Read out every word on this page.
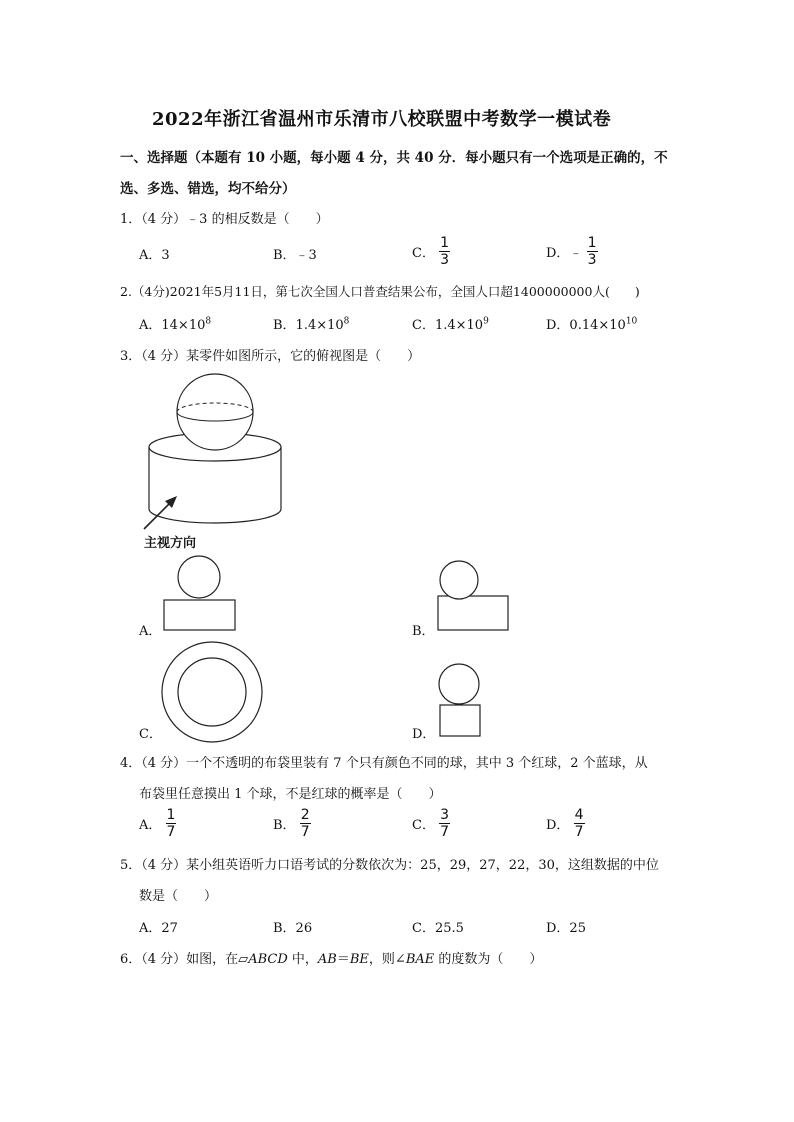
2022年浙江省温州市乐清市八校联盟中考数学一模试卷
一、选择题（本题有 10 小题，每小题 4 分，共 40 分．每小题只有一个选项是正确的，不
选、多选、错选，均不给分）
1．（4 分）﹣3 的相反数是（　　）
A．3	B．﹣3	C． $\frac{1}{3}$	D．﹣ $\frac{1}{3}$
2.（4分)2021年5月11日，第七次全国人口普查结果公布，全国人口超1400000000人(　　)
A．$14\times 10^8$	B．$1.4\times 10^8$	C．$1.4\times 10^9$	D．$0.14\times 10^{10}$
3．（4 分）某零件如图所示，它的俯视图是（　　）
主视方向
A．	B．
C．	D．
4．（4 分）一个不透明的布袋里装有 7 个只有颜色不同的球，其中 3 个红球，2 个蓝球，从
布袋里任意摸出 1 个球，不是红球的概率是（　　）
A． $\frac{1}{7}$	B． $\frac{2}{7}$	C． $\frac{3}{7}$	D． $\frac{4}{7}$
5．（4 分）某小组英语听力口语考试的分数依次为：25，29，27，22，30，这组数据的中位
数是（　　）
A．27	B．26	C．25.5	D．25
6．（4 分）如图，在▱ABCD 中，AB＝BE，则∠BAE 的度数为（　　）
